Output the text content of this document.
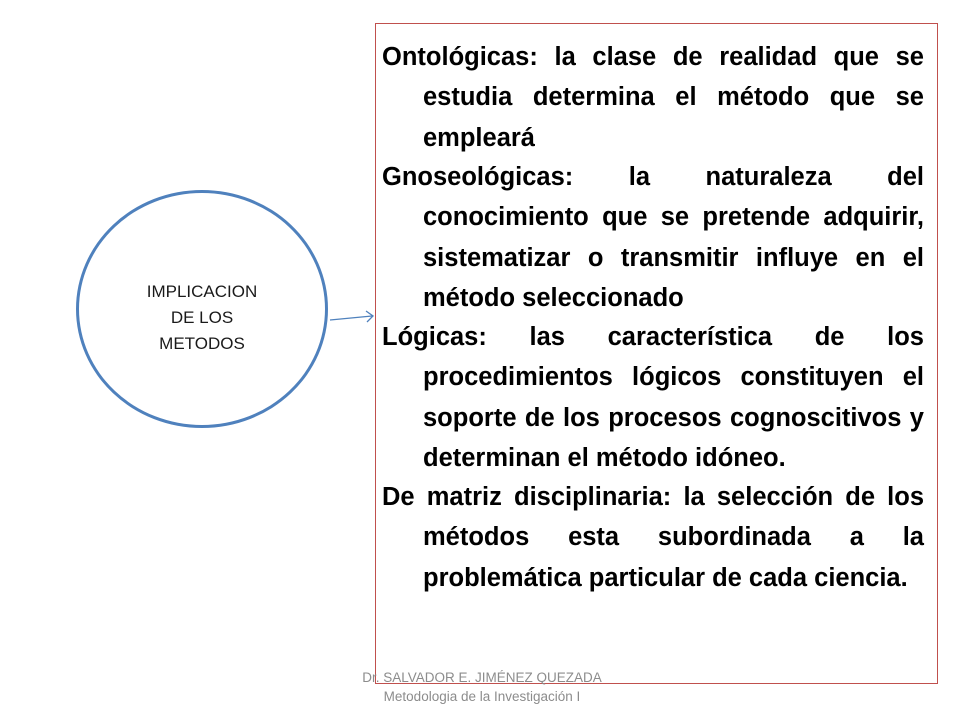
IMPLICACION
DE LOS
METODOS
Ontológicas: la clase de realidad que se estudia determina el método que se empleará
Gnoseológicas: la naturaleza del conocimiento que se pretende adquirir, sistematizar o transmitir influye en el método seleccionado
Lógicas: las característica de los procedimientos lógicos constituyen el soporte de los procesos cognoscitivos y determinan el método idóneo.
De matriz disciplinaria: la selección de los métodos esta subordinada a la problemática particular de cada ciencia.
Dr. SALVADOR E. JIMÉNEZ QUEZADA
Metodologia de la Investigación I
